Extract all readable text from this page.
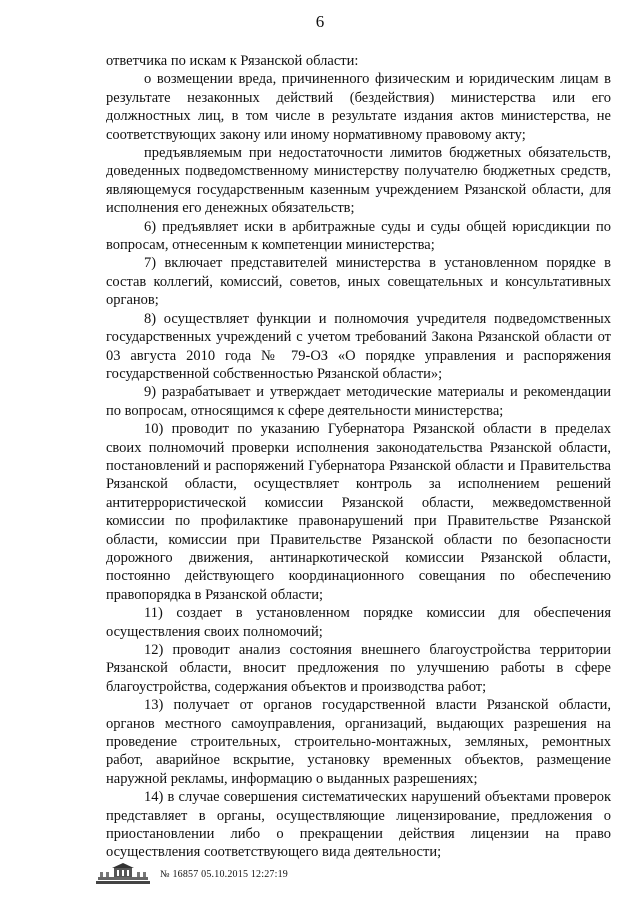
6

ответчика по искам к Рязанской области:

о возмещении вреда, причиненного физическим и юридическим лицам в результате незаконных действий (бездействия) министерства или его должностных лиц, в том числе в результате издания актов министерства, не соответствующих закону или иному нормативному правовому акту;

предъявляемым при недостаточности лимитов бюджетных обязательств, доведенных подведомственному министерству получателю бюджетных средств, являющемуся государственным казенным учреждением Рязанской области, для исполнения его денежных обязательств;

6) предъявляет иски в арбитражные суды и суды общей юрисдикции по вопросам, отнесенным к компетенции министерства;

7) включает представителей министерства в установленном порядке в состав коллегий, комиссий, советов, иных совещательных и консультативных органов;

8) осуществляет функции и полномочия учредителя подведомственных государственных учреждений с учетом требований Закона Рязанской области от 03 августа 2010 года № 79-ОЗ «О порядке управления и распоряжения государственной собственностью Рязанской области»;

9) разрабатывает и утверждает методические материалы и рекомендации по вопросам, относящимся к сфере деятельности министерства;

10) проводит по указанию Губернатора Рязанской области в пределах своих полномочий проверки исполнения законодательства Рязанской области, постановлений и распоряжений Губернатора Рязанской области и Правительства Рязанской области, осуществляет контроль за исполнением решений антитеррористической комиссии Рязанской области, межведомственной комиссии по профилактике правонарушений при Правительстве Рязанской области, комиссии при Правительстве Рязанской области по безопасности дорожного движения, антинаркотической комиссии Рязанской области, постоянно действующего координационного совещания по обеспечению правопорядка в Рязанской области;

11) создает в установленном порядке комиссии для обеспечения осуществления своих полномочий;

12) проводит анализ состояния внешнего благоустройства территории Рязанской области, вносит предложения по улучшению работы в сфере благоустройства, содержания объектов и производства работ;

13) получает от органов государственной власти Рязанской области, органов местного самоуправления, организаций, выдающих разрешения на проведение строительных, строительно-монтажных, земляных, ремонтных работ, аварийное вскрытие, установку временных объектов, размещение наружной рекламы, информацию о выданных разрешениях;

14) в случае совершения систематических нарушений объектами проверок представляет в органы, осуществляющие лицензирование, предложения о приостановлении либо о прекращении действия лицензии на право осуществления соответствующего вида деятельности;

№ 16857 05.10.2015 12:27:19
